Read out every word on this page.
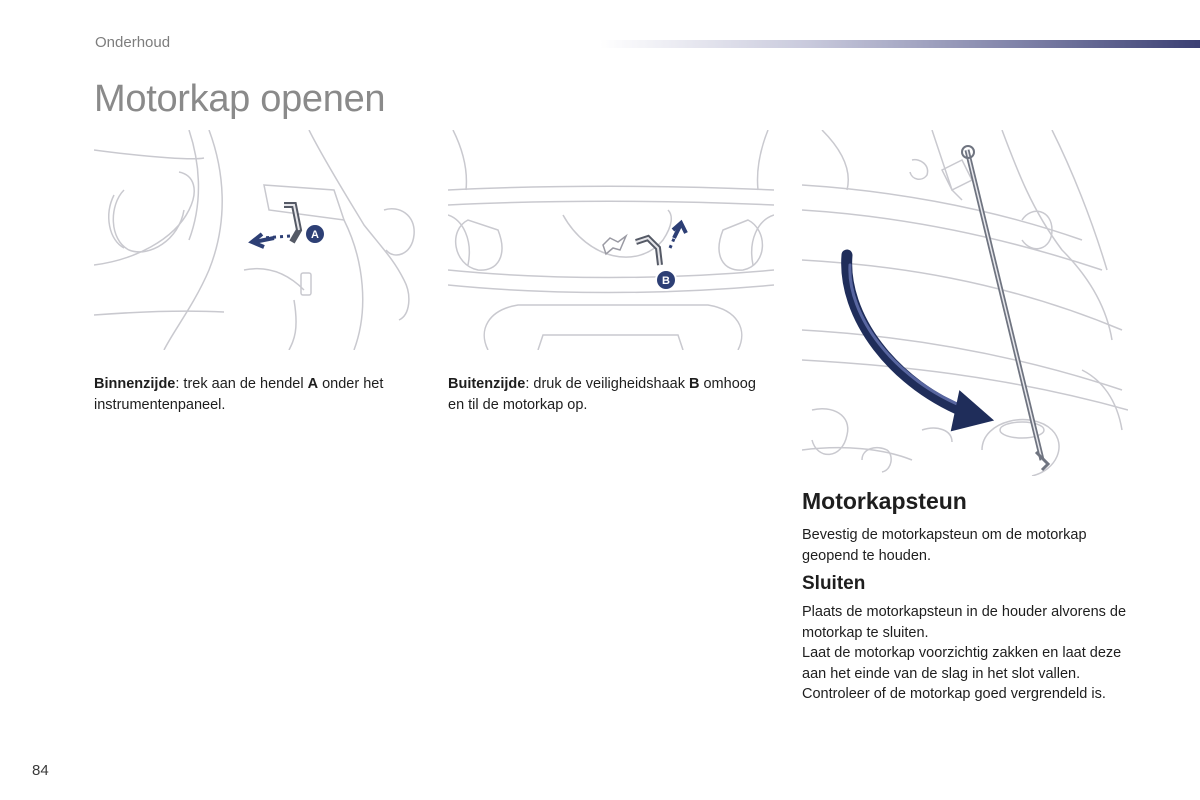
Onderhoud
Motorkap openen
A
B
Binnenzijde: trek aan de hendel A onder het instrumentenpaneel.
Buitenzijde: druk de veiligheidshaak B omhoog en til de motorkap op.
Motorkapsteun
Bevestig de motorkapsteun om de motorkap geopend te houden.
Sluiten
Plaats de motorkapsteun in de houder alvorens de motorkap te sluiten.
Laat de motorkap voorzichtig zakken en laat deze aan het einde van de slag in het slot vallen. Controleer of de motorkap goed vergrendeld is.
84
